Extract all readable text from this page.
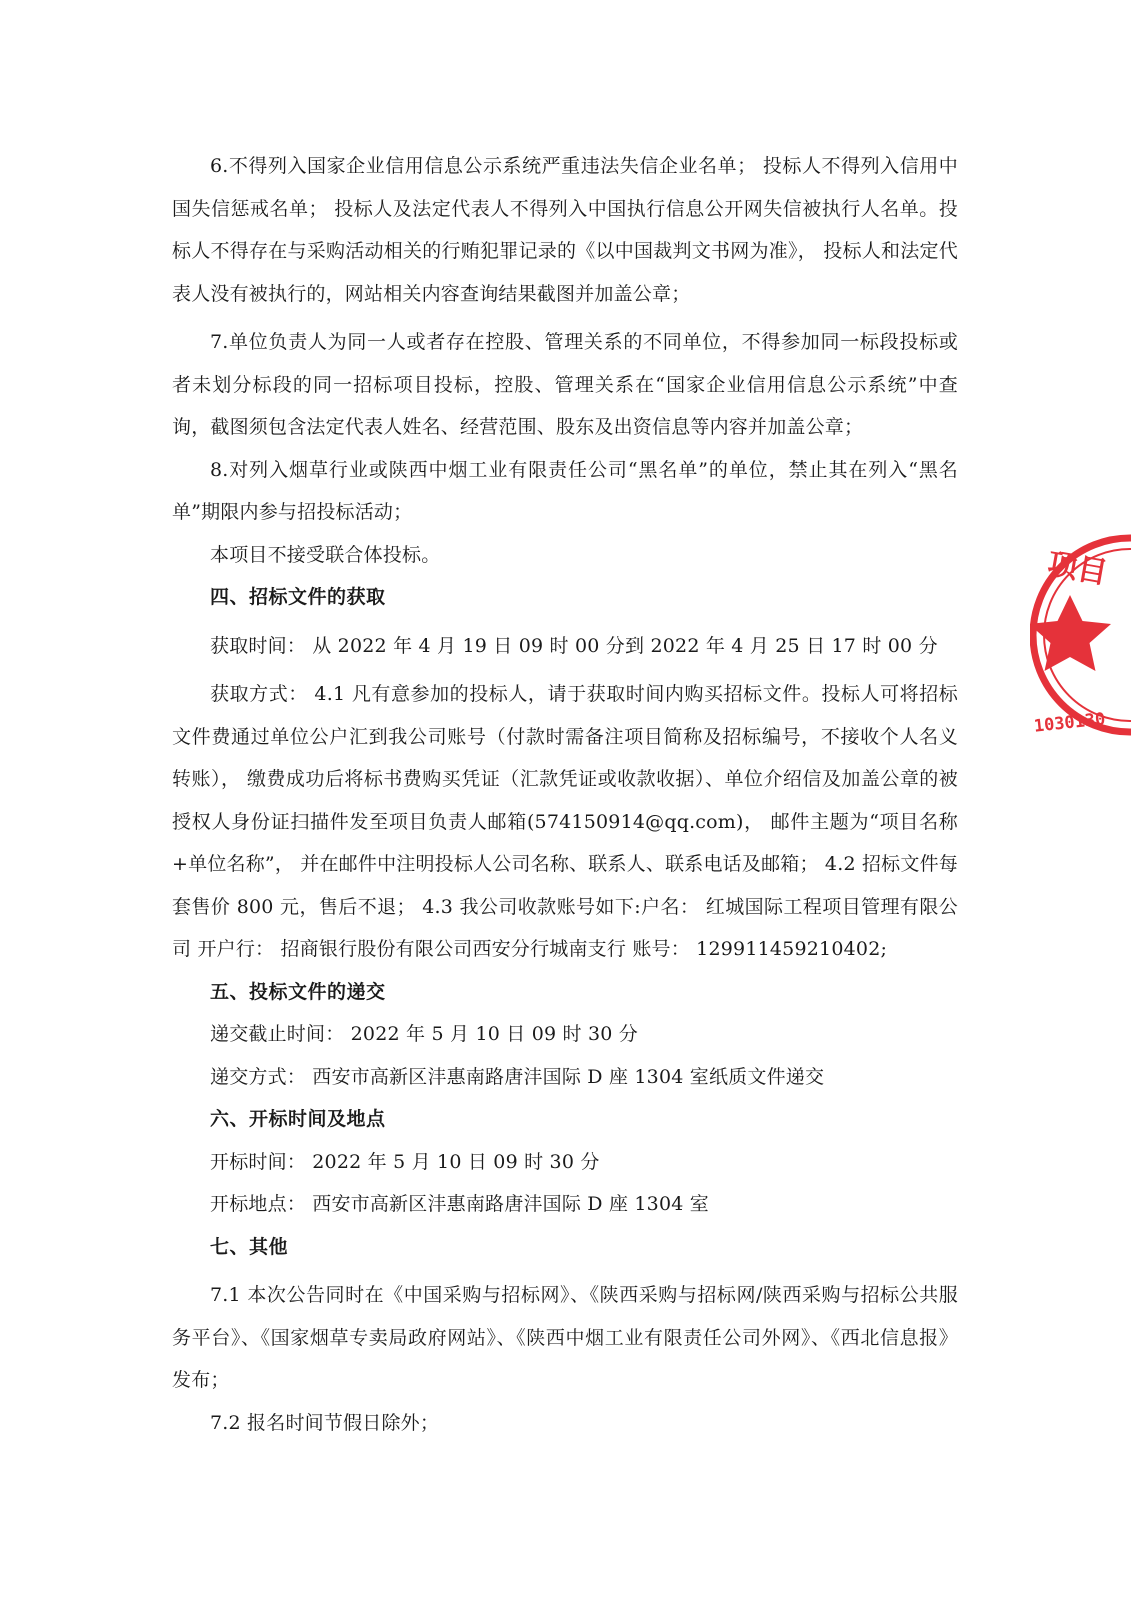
6.不得列入国家企业信用信息公示系统严重违法失信企业名单； 投标人不得列入信用中国失信惩戒名单； 投标人及法定代表人不得列入中国执行信息公开网失信被执行人名单。投标人不得存在与采购活动相关的行贿犯罪记录的《以中国裁判文书网为准》， 投标人和法定代表人没有被执行的，网站相关内容查询结果截图并加盖公章；

7.单位负责人为同一人或者存在控股、管理关系的不同单位，不得参加同一标段投标或者未划分标段的同一招标项目投标，控股、管理关系在“国家企业信用信息公示系统”中查询，截图须包含法定代表人姓名、经营范围、股东及出资信息等内容并加盖公章；

8.对列入烟草行业或陕西中烟工业有限责任公司“黑名单”的单位，禁止其在列入“黑名单”期限内参与招投标活动；

本项目不接受联合体投标。

四、招标文件的获取

获取时间： 从 2022 年 4 月 19 日 09 时 00 分到 2022 年 4 月 25 日 17 时 00 分

获取方式： 4.1 凡有意参加的投标人，请于获取时间内购买招标文件。投标人可将招标文件费通过单位公户汇到我公司账号（付款时需备注项目简称及招标编号，不接收个人名义转账）， 缴费成功后将标书费购买凭证（汇款凭证或收款收据）、单位介绍信及加盖公章的被授权人身份证扫描件发至项目负责人邮箱(574150914@qq.com)， 邮件主题为“项目名称+单位名称”， 并在邮件中注明投标人公司名称、联系人、联系电话及邮箱； 4.2 招标文件每套售价 800 元，售后不退； 4.3 我公司收款账号如下:户名： 红城国际工程项目管理有限公司 开户行： 招商银行股份有限公司西安分行城南支行 账号： 129911459210402;

五、投标文件的递交

递交截止时间： 2022 年 5 月 10 日 09 时 30 分

递交方式： 西安市高新区沣惠南路唐沣国际 D 座 1304 室纸质文件递交

六、开标时间及地点

开标时间： 2022 年 5 月 10 日 09 时 30 分

开标地点： 西安市高新区沣惠南路唐沣国际 D 座 1304 室

七、其他

7.1 本次公告同时在《中国采购与招标网》、《陕西采购与招标网/陕西采购与招标公共服务平台》、《国家烟草专卖局政府网站》、《陕西中烟工业有限责任公司外网》、《西北信息报》发布；

7.2 报名时间节假日除外；

项目
1030130
